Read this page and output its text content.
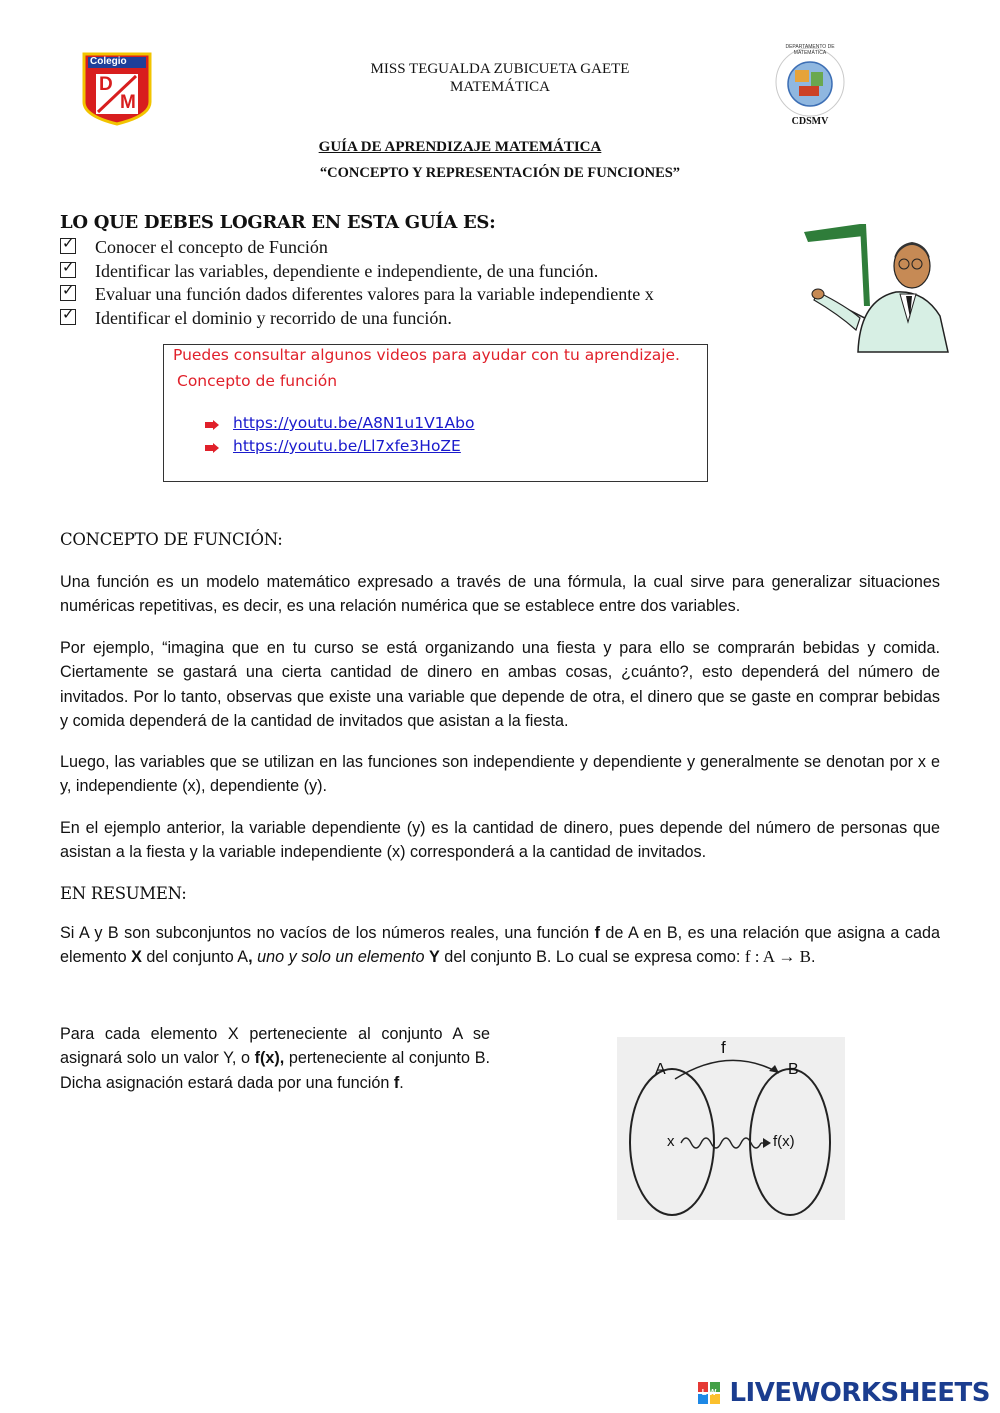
Colegio
D
M
MISS TEGUALDA ZUBICUETA GAETE
MATEMÁTICA
DEPARTAMENTO DE MATEMÁTICA
CDSMV
GUÍA DE APRENDIZAJE MATEMÁTICA
“CONCEPTO Y REPRESENTACIÓN DE FUNCIONES”
LO QUE DEBES LOGRAR EN ESTA GUÍA ES:
✓Conocer el concepto de Función
✓Identificar las variables, dependiente e independiente, de una función.
✓Evaluar una función dados diferentes valores para la variable independiente x
✓Identificar el dominio y recorrido de una función.
Puedes consultar algunos videos para ayudar con tu aprendizaje.
Concepto de función
https://youtu.be/A8N1u1V1Abo
https://youtu.be/Ll7xfe3HoZE
CONCEPTO DE FUNCIÓN:

Una función es un modelo matemático expresado a través de una fórmula, la cual sirve para generalizar situaciones numéricas repetitivas, es decir, es una relación numérica que se establece entre dos variables.

Por ejemplo, “imagina que en tu curso se está organizando una fiesta y para ello se comprarán bebidas y comida. Ciertamente se gastará una cierta cantidad de dinero en ambas cosas, ¿cuánto?, esto dependerá del número de invitados. Por lo tanto, observas que existe una variable que depende de otra, el dinero que se gaste en comprar bebidas y comida dependerá de la cantidad de invitados que asistan a la fiesta.

Luego, las variables que se utilizan en las funciones son independiente y dependiente y generalmente se denotan por x e y, independiente (x), dependiente (y).

En el ejemplo anterior, la variable dependiente (y) es la cantidad de dinero, pues depende del número de personas que asistan a la fiesta y la variable independiente (x) corresponderá a la cantidad de invitados.

EN RESUMEN:

Si A y B son subconjuntos no vacíos de los números reales, una función f de A en B, es una relación que asigna a cada elemento X del conjunto A, uno y solo un elemento Y del conjunto B. Lo cual se expresa como: f : A → B.

Para cada elemento X perteneciente al conjunto A se asignará solo un valor Y, o f(x), perteneciente al conjunto B. Dicha asignación estará dada por una función f.

f
A	B
x	f(x)
L W LIVEWORKSHEETS
